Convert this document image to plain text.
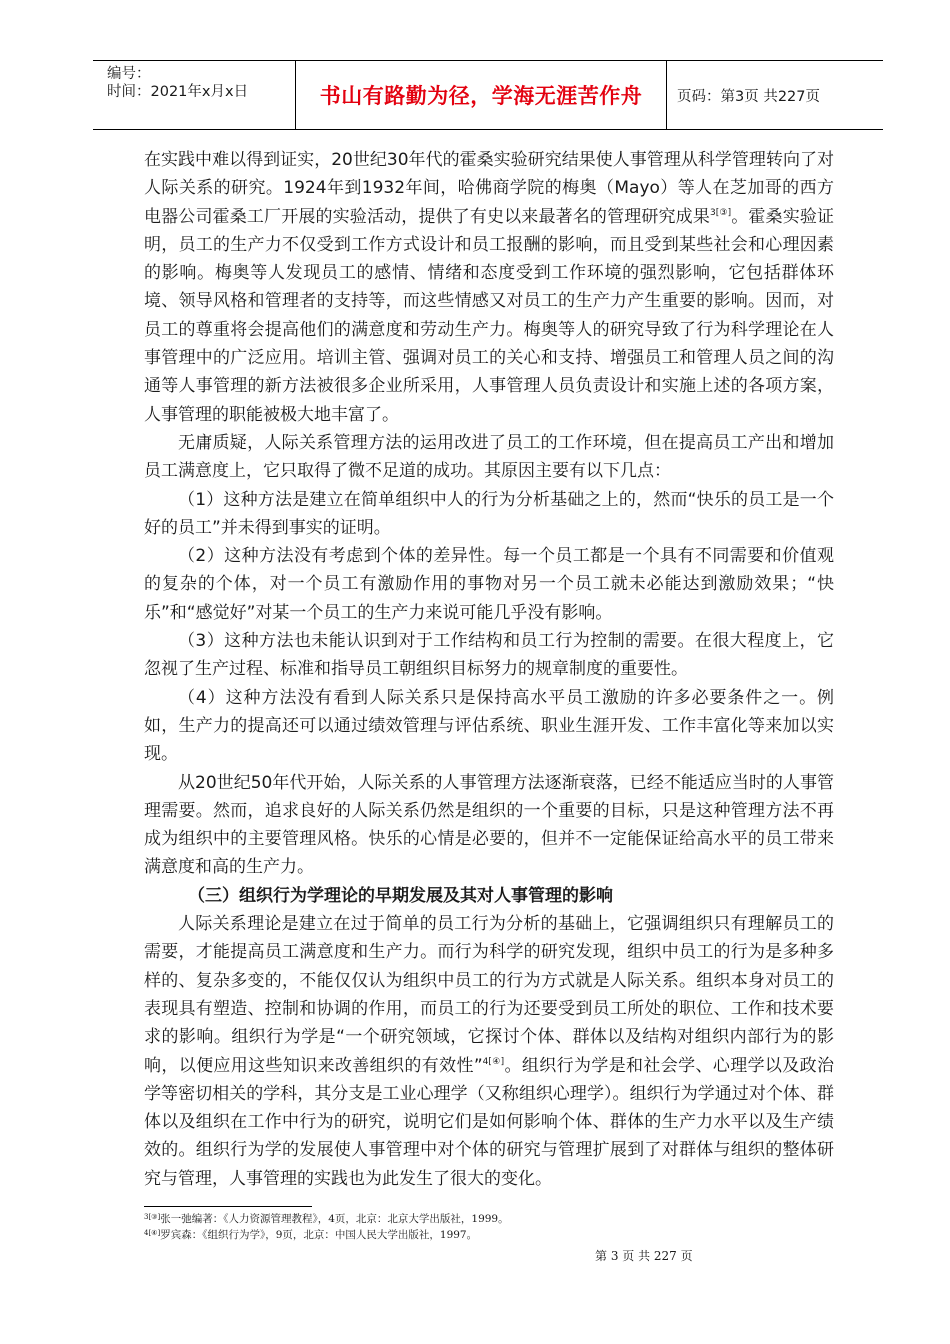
编号：
时间：2021年x月x日	书山有路勤为径，学海无涯苦作舟	页码：第3页 共227页

在实践中难以得到证实，20世纪30年代的霍桑实验研究结果使人事管理从科学管理转向了对人际关系的研究。1924年到1932年间，哈佛商学院的梅奥（Mayo）等人在芝加哥的西方电器公司霍桑工厂开展的实验活动，提供了有史以来最著名的管理研究成果$^{3[③]}$。霍桑实验证明，员工的生产力不仅受到工作方式设计和员工报酬的影响，而且受到某些社会和心理因素的影响。梅奥等人发现员工的感情、情绪和态度受到工作环境的强烈影响，它包括群体环境、领导风格和管理者的支持等，而这些情感又对员工的生产力产生重要的影响。因而，对员工的尊重将会提高他们的满意度和劳动生产力。梅奥等人的研究导致了行为科学理论在人事管理中的广泛应用。培训主管、强调对员工的关心和支持、增强员工和管理人员之间的沟通等人事管理的新方法被很多企业所采用，人事管理人员负责设计和实施上述的各项方案，人事管理的职能被极大地丰富了。

无庸质疑，人际关系管理方法的运用改进了员工的工作环境，但在提高员工产出和增加员工满意度上，它只取得了微不足道的成功。其原因主要有以下几点：

（1）这种方法是建立在简单组织中人的行为分析基础之上的，然而“快乐的员工是一个好的员工”并未得到事实的证明。

（2）这种方法没有考虑到个体的差异性。每一个员工都是一个具有不同需要和价值观的复杂的个体，对一个员工有激励作用的事物对另一个员工就未必能达到激励效果；“快乐”和“感觉好”对某一个员工的生产力来说可能几乎没有影响。

（3）这种方法也未能认识到对于工作结构和员工行为控制的需要。在很大程度上，它忽视了生产过程、标准和指导员工朝组织目标努力的规章制度的重要性。

（4）这种方法没有看到人际关系只是保持高水平员工激励的许多必要条件之一。例如，生产力的提高还可以通过绩效管理与评估系统、职业生涯开发、工作丰富化等来加以实现。

从20世纪50年代开始，人际关系的人事管理方法逐渐衰落，已经不能适应当时的人事管理需要。然而，追求良好的人际关系仍然是组织的一个重要的目标，只是这种管理方法不再成为组织中的主要管理风格。快乐的心情是必要的，但并不一定能保证给高水平的员工带来满意度和高的生产力。

（三）组织行为学理论的早期发展及其对人事管理的影响

人际关系理论是建立在过于简单的员工行为分析的基础上，它强调组织只有理解员工的需要，才能提高员工满意度和生产力。而行为科学的研究发现，组织中员工的行为是多种多样的、复杂多变的，不能仅仅认为组织中员工的行为方式就是人际关系。组织本身对员工的表现具有塑造、控制和协调的作用，而员工的行为还要受到员工所处的职位、工作和技术要求的影响。组织行为学是“一个研究领域，它探讨个体、群体以及结构对组织内部行为的影响，以便应用这些知识来改善组织的有效性”$^{4[④]}$。组织行为学是和社会学、心理学以及政治学等密切相关的学科，其分支是工业心理学（又称组织心理学）。组织行为学通过对个体、群体以及组织在工作中行为的研究，说明它们是如何影响个体、群体的生产力水平以及生产绩效的。组织行为学的发展使人事管理中对个体的研究与管理扩展到了对群体与组织的整体研究与管理，人事管理的实践也为此发生了很大的变化。

$^{3[③]}$张一弛编著：《人力资源管理教程》，4页，北京：北京大学出版社，1999。
$^{4[④]}$罗宾森：《组织行为学》，9页，北京：中国人民大学出版社，1997。
第 3 页 共 227 页
